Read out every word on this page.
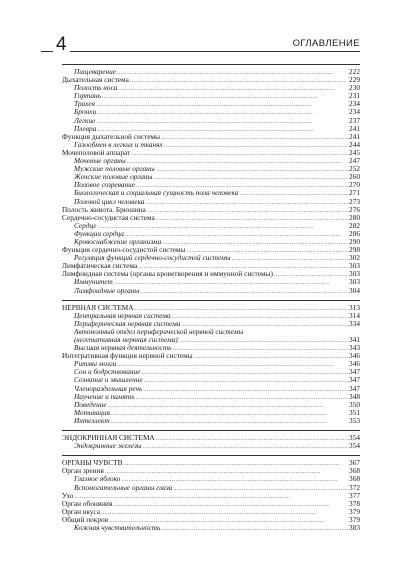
4	ОГЛАВЛЕНИЕ
Пищеварение . . .	222
Дыхательная система . . .	229
Полость носа . . .	230
Гортань . . .	231
Трахея . . .	234
Бронхи . . .	234
Легкие . . .	237
Плевра . . .	241
Функция дыхательной системы . . .	241
Газообмен в легких и тканях . . .	244
Мочеполовой аппарат . . .	245
Мочевые органы . . .	247
Мужские половые органы . . .	252
Женские половые органы . . .	260
Половое созревание . . .	270
Биологическая и социальная сущность пола человека . . .	271
Половой цикл человека . . .	273
Полость живота. Брюшина . . .	276
Сердечно-сосудистая система . . .	280
Сердце . . .	282
Функции сердца . . .	286
Кровоснабжение организма . . .	290
Функция сердечно-сосудистой системы . . .	298
Регуляция функций сердечно-сосудистой системы . . .	302
Лимфатическая система . . .	303
Лимфоидная система (органы кроветворения и иммунной системы) . . .	303
Иммунитет . . .	303
Лимфоидные органы . . .	304
НЕРВНАЯ СИСТЕМА . . .	313
Центральная нервная система . . .	314
Периферическая нервная система . . .	334
Автономный отдел периферической нервной системы
(вегетативная нервная система) . . .	341
Высшая нервная деятельность . . .	343
Интегративная функция нервной системы . . .	346
Ритмы мозга . . .	346
Сон и бодрствование . . .	347
Сознание и мышление . . .	347
Членораздельная речь . . .	347
Научение и память . . .	348
Поведение . . .	350
Мотивация . . .	351
Интеллект . . .	353
ЭНДОКРИННАЯ СИСТЕМА . . .	354
Эндокринные железы . . .	354
ОРГАНЫ ЧУВСТВ . . .	367
Орган зрения . . .	368
Глазное яблоко . . .	368
Вспомогательные органы глаза . . .	372
Ухо . . .	377
Орган обоняния . . .	378
Орган вкуса . . .	379
Общий покров . . .	379
Кожная чувствительность . . .	383
